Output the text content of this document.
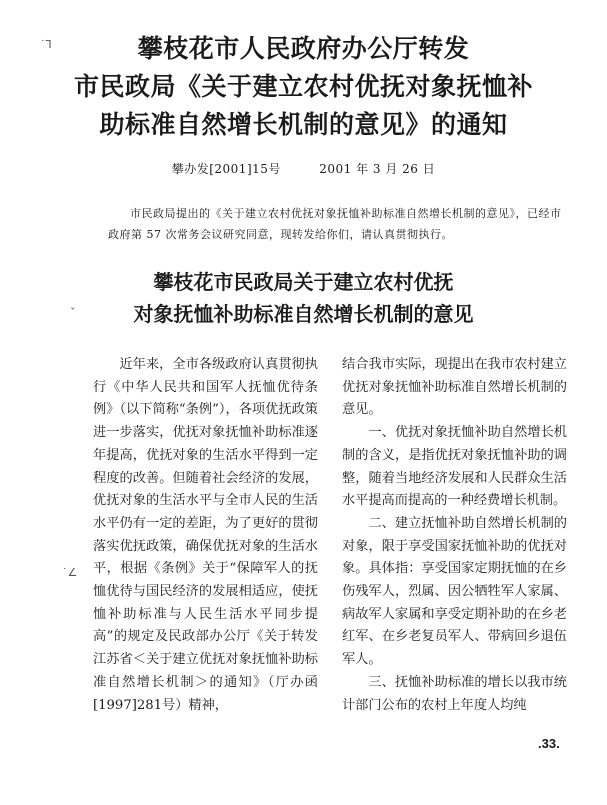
攀枝花市人民政府办公厅转发
市民政局《关于建立农村优抚对象抚恤补
助标准自然增长机制的意见》的通知
攀办发[2001]15号	2001 年 3 月 26 日

市民政局提出的《关于建立农村优抚对象抚恤补助标准自然增长机制的意见》，已经市政府第 57 次常务会议研究同意，现转发给你们，请认真贯彻执行。

攀枝花市民政局关于建立农村优抚
对象抚恤补助标准自然增长机制的意见

近年来，全市各级政府认真贯彻执行《中华人民共和国军人抚恤优待条例》（以下简称“条例”），各项优抚政策进一步落实，优抚对象抚恤补助标准逐年提高，优抚对象的生活水平得到一定程度的改善。但随着社会经济的发展，优抚对象的生活水平与全市人民的生活水平仍有一定的差距，为了更好的贯彻落实优抚政策，确保优抚对象的生活水平，根据《条例》关于“保障军人的抚恤优待与国民经济的发展相适应，使抚恤补助标准与人民生活水平同步提高”的规定及民政部办公厅《关于转发江苏省＜关于建立优抚对象抚恤补助标准自然增长机制＞的通知》（厅办函[1997]281号）精神，

结合我市实际，现提出在我市农村建立优抚对象抚恤补助标准自然增长机制的意见。

一、优抚对象抚恤补助自然增长机制的含义，是指优抚对象抚恤补助的调整，随着当地经济发展和人民群众生活水平提高而提高的一种经费增长机制。

二、建立抚恤补助自然增长机制的对象，限于享受国家抚恤补助的优抚对象。具体指：享受国家定期抚恤的在乡伤残军人，烈属、因公牺牲军人家属、病故军人家属和享受定期补助的在乡老红军、在乡老复员军人、带病回乡退伍军人。

三、抚恤补助标准的增长以我市统计部门公布的农村上年度人均纯

.33.
˙⅂
ˇ
˙∠
